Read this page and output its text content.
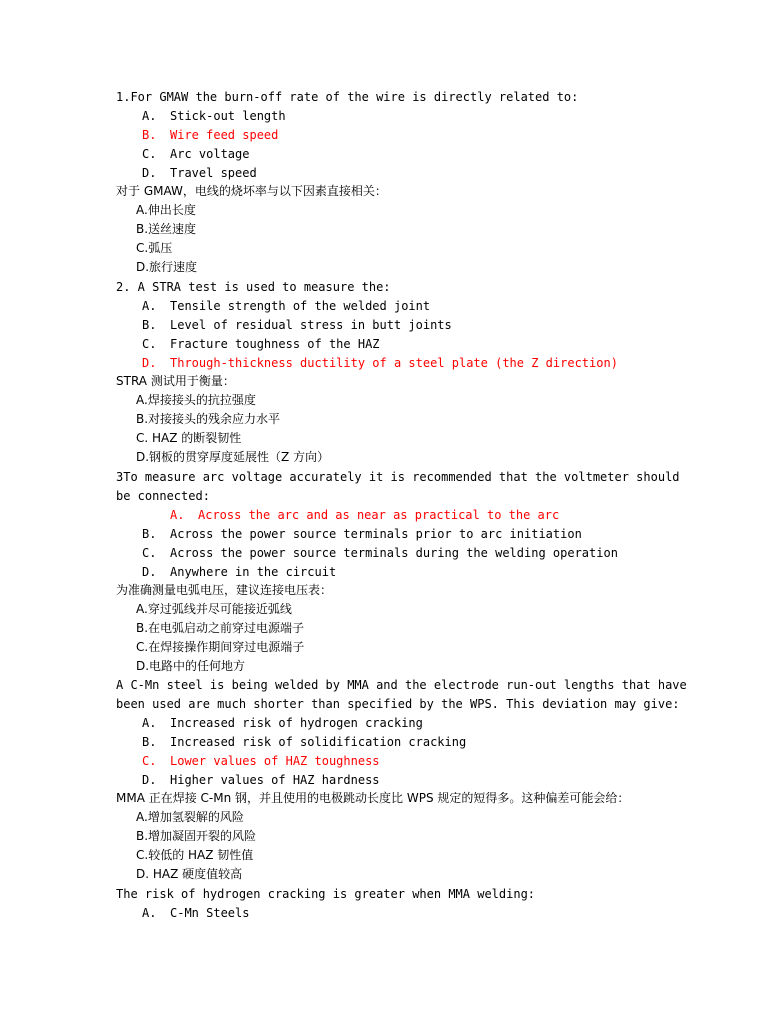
1.For GMAW the burn-off rate of the wire is directly related to:
A. Stick-out length
B. Wire feed speed
C. Arc voltage
D. Travel speed
对于 GMAW，电线的烧坏率与以下因素直接相关：
A.伸出长度
B.送丝速度
C.弧压
D.旅行速度
2. A STRA test is used to measure the:
A. Tensile strength of the welded joint
B. Level of residual stress in butt joints
C. Fracture toughness of the HAZ
D. Through-thickness ductility of a steel plate (the Z direction)
STRA 测试用于衡量：
A.焊接接头的抗拉强度
B.对接接头的残余应力水平
C. HAZ 的断裂韧性
D.钢板的贯穿厚度延展性（Z 方向）
3To measure arc voltage accurately it is recommended that the voltmeter should
be connected:
A. Across the arc and as near as practical to the arc
B. Across the power source terminals prior to arc initiation
C. Across the power source terminals during the welding operation
D. Anywhere in the circuit
为准确测量电弧电压，建议连接电压表：
A.穿过弧线并尽可能接近弧线
B.在电弧启动之前穿过电源端子
C.在焊接操作期间穿过电源端子
D.电路中的任何地方
A C-Mn steel is being welded by MMA and the electrode run-out lengths that have
been used are much shorter than specified by the WPS. This deviation may give:
A. Increased risk of hydrogen cracking
B. Increased risk of solidification cracking
C. Lower values of HAZ toughness
D. Higher values of HAZ hardness
MMA 正在焊接 C-Mn 钢，并且使用的电极跳动长度比 WPS 规定的短得多。这种偏差可能会给：
A.增加氢裂解的风险
B.增加凝固开裂的风险
C.较低的 HAZ 韧性值
D. HAZ 硬度值较高
The risk of hydrogen cracking is greater when MMA welding:
A. C-Mn Steels
